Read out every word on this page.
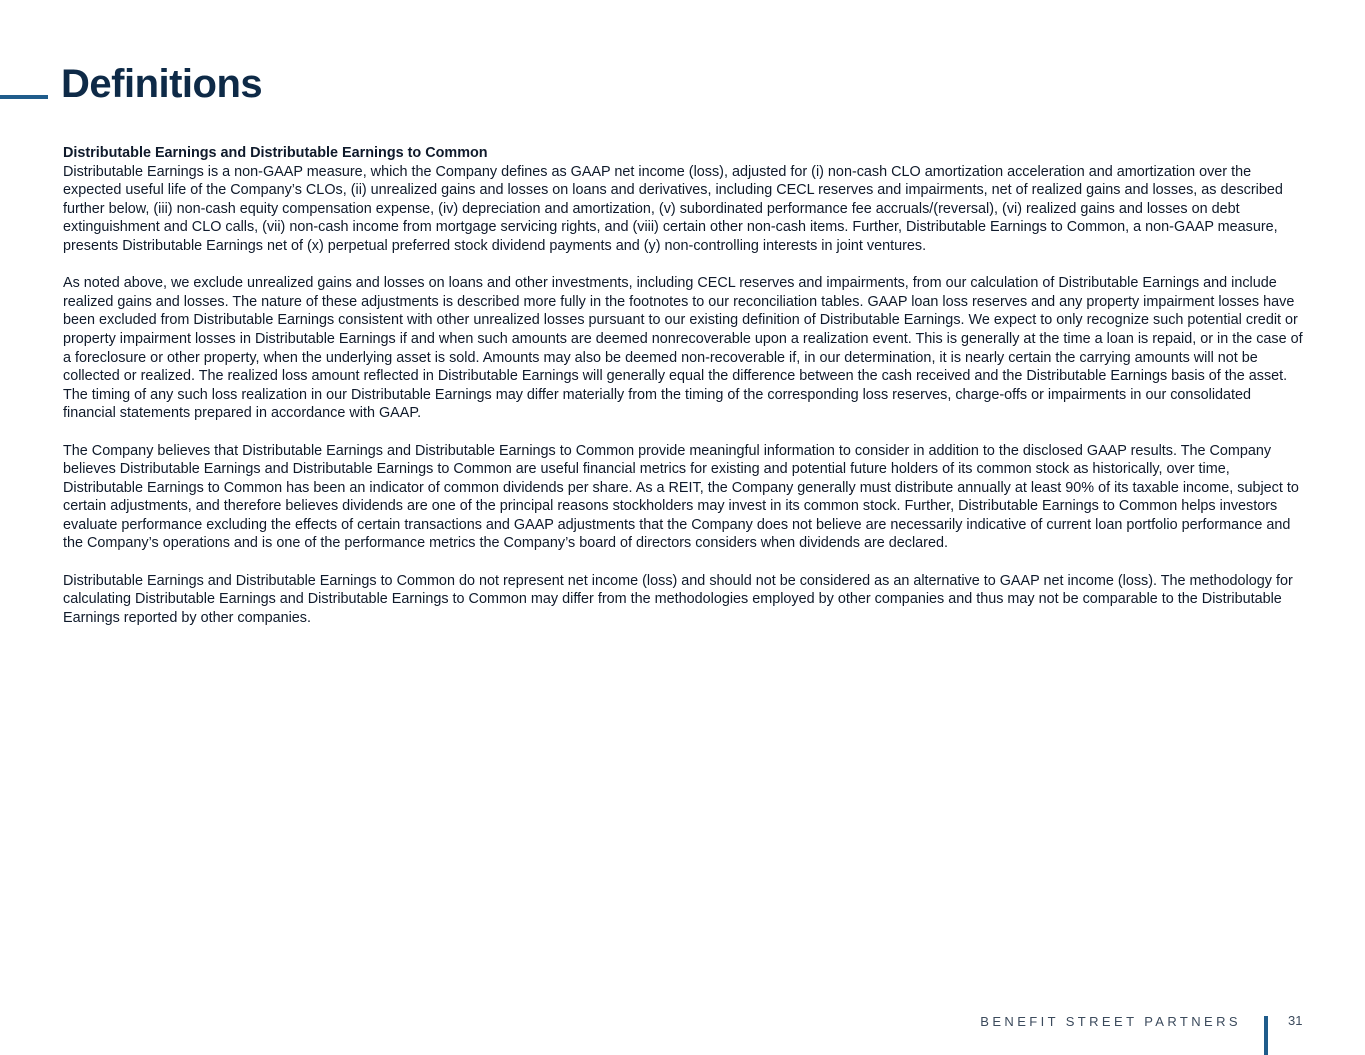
Definitions

Distributable Earnings and Distributable Earnings to Common

Distributable Earnings is a non-GAAP measure, which the Company defines as GAAP net income (loss), adjusted for (i) non-cash CLO amortization acceleration and amortization over the expected useful life of the Company’s CLOs, (ii) unrealized gains and losses on loans and derivatives, including CECL reserves and impairments, net of realized gains and losses, as described further below, (iii) non-cash equity compensation expense, (iv) depreciation and amortization, (v) subordinated performance fee accruals/(reversal), (vi) realized gains and losses on debt extinguishment and CLO calls, (vii) non-cash income from mortgage servicing rights, and (viii) certain other non-cash items. Further, Distributable Earnings to Common, a non-GAAP measure, presents Distributable Earnings net of (x) perpetual preferred stock dividend payments and (y) non-controlling interests in joint ventures.

As noted above, we exclude unrealized gains and losses on loans and other investments, including CECL reserves and impairments, from our calculation of Distributable Earnings and include realized gains and losses. The nature of these adjustments is described more fully in the footnotes to our reconciliation tables. GAAP loan loss reserves and any property impairment losses have been excluded from Distributable Earnings consistent with other unrealized losses pursuant to our existing definition of Distributable Earnings. We expect to only recognize such potential credit or property impairment losses in Distributable Earnings if and when such amounts are deemed nonrecoverable upon a realization event. This is generally at the time a loan is repaid, or in the case of a foreclosure or other property, when the underlying asset is sold. Amounts may also be deemed non-recoverable if, in our determination, it is nearly certain the carrying amounts will not be collected or realized. The realized loss amount reflected in Distributable Earnings will generally equal the difference between the cash received and the Distributable Earnings basis of the asset. The timing of any such loss realization in our Distributable Earnings may differ materially from the timing of the corresponding loss reserves, charge-offs or impairments in our consolidated financial statements prepared in accordance with GAAP.

The Company believes that Distributable Earnings and Distributable Earnings to Common provide meaningful information to consider in addition to the disclosed GAAP results. The Company believes Distributable Earnings and Distributable Earnings to Common are useful financial metrics for existing and potential future holders of its common stock as historically, over time, Distributable Earnings to Common has been an indicator of common dividends per share. As a REIT, the Company generally must distribute annually at least 90% of its taxable income, subject to certain adjustments, and therefore believes dividends are one of the principal reasons stockholders may invest in its common stock. Further, Distributable Earnings to Common helps investors evaluate performance excluding the effects of certain transactions and GAAP adjustments that the Company does not believe are necessarily indicative of current loan portfolio performance and the Company’s operations and is one of the performance metrics the Company’s board of directors considers when dividends are declared.

Distributable Earnings and Distributable Earnings to Common do not represent net income (loss) and should not be considered as an alternative to GAAP net income (loss). The methodology for calculating Distributable Earnings and Distributable Earnings to Common may differ from the methodologies employed by other companies and thus may not be comparable to the Distributable Earnings reported by other companies.

BENEFIT STREET PARTNERS	31
